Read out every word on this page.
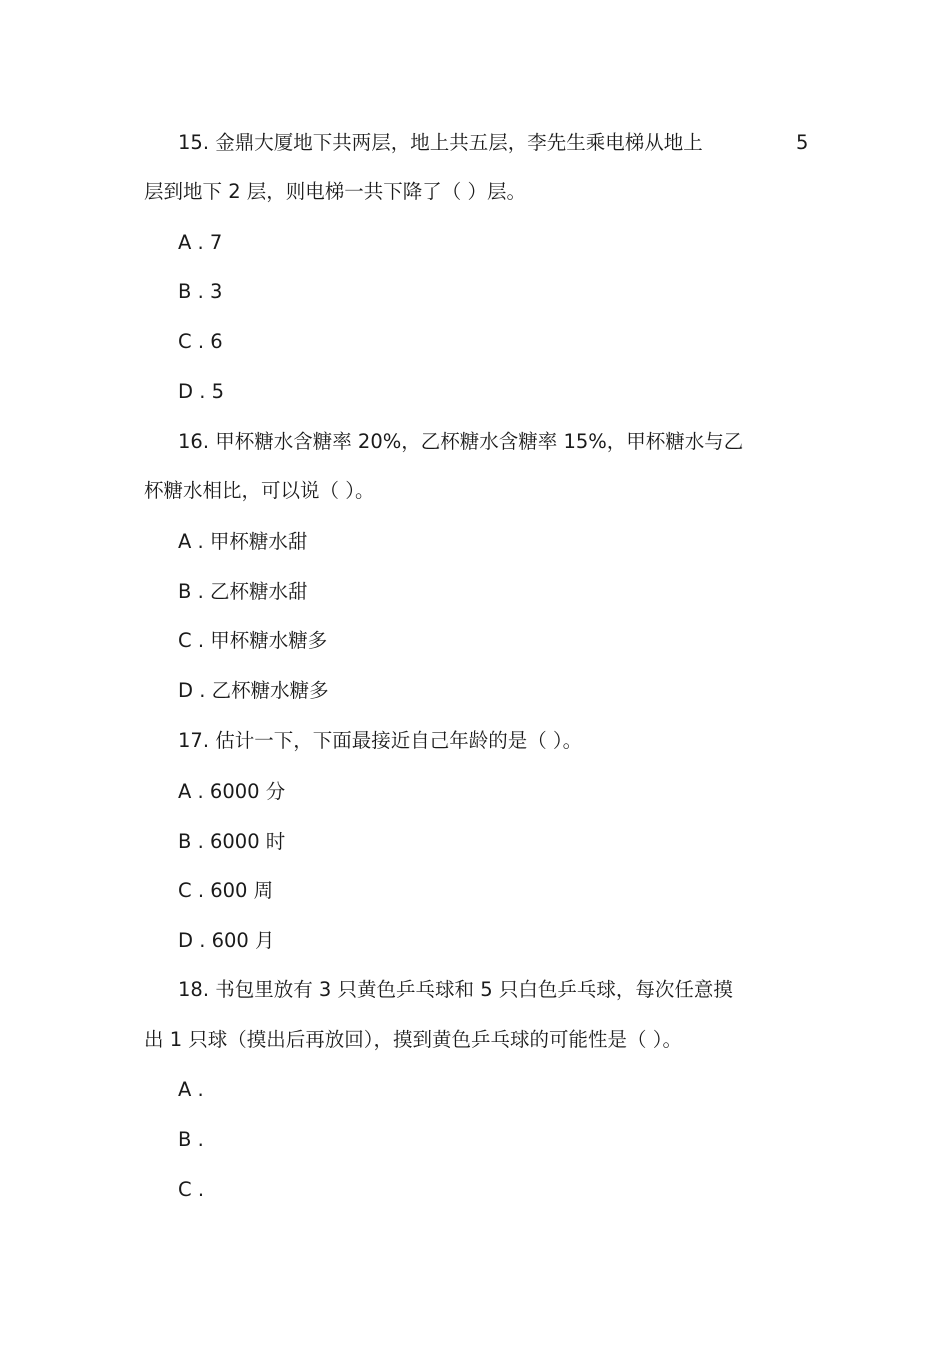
15. 金鼎大厦地下共两层，地上共五层，李先生乘电梯从地上	5
层到地下 2 层，则电梯一共下降了（ ）层。
A . 7
B . 3
C . 6
D . 5
16. 甲杯糖水含糖率 20%，乙杯糖水含糖率 15%，甲杯糖水与乙
杯糖水相比，可以说（ ）。
A . 甲杯糖水甜
B . 乙杯糖水甜
C . 甲杯糖水糖多
D . 乙杯糖水糖多
17. 估计一下，下面最接近自己年龄的是（ ）。
A . 6000 分
B . 6000 时
C . 600 周
D . 600 月
18. 书包里放有 3 只黄色乒乓球和 5 只白色乒乓球，每次任意摸
出 1 只球（摸出后再放回），摸到黄色乒乓球的可能性是（ ）。
A .
B .
C .
